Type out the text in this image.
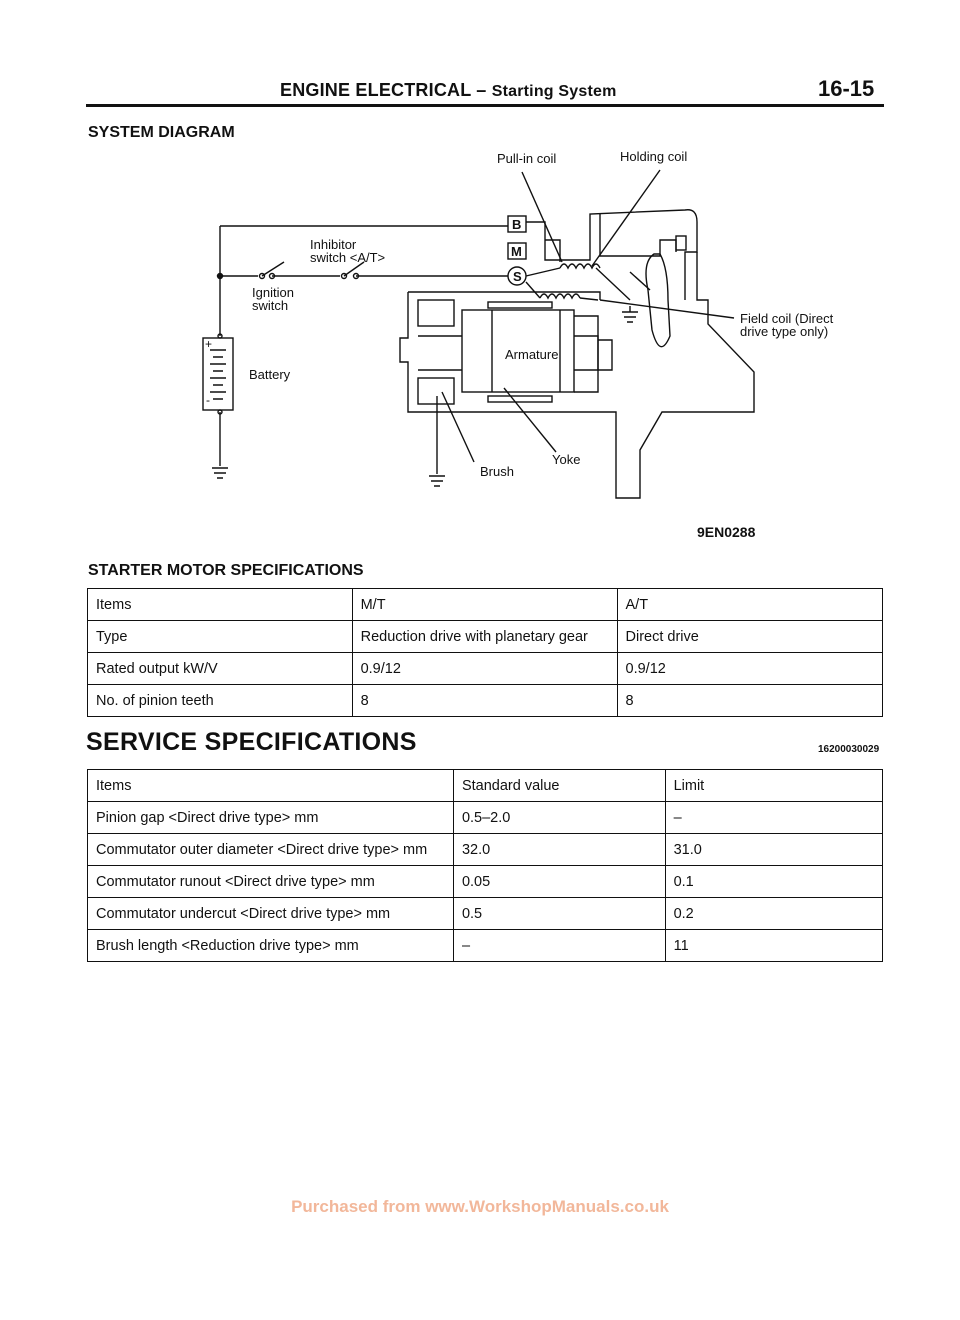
ENGINE ELECTRICAL – Starting System	16-15
SYSTEM DIAGRAM
B
M
S
+
-
Pull-in coil	Holding coil
Inhibitor
switch <A/T>
Ignition
switch
Battery
Armature
Field coil (Direct
drive type only)
Brush
Yoke
9EN0288
STARTER MOTOR SPECIFICATIONS
Items	M/T	A/T
Type	Reduction drive with planetary gear	Direct drive
Rated output kW/V	0.9/12	0.9/12
No. of pinion teeth	8	8
SERVICE SPECIFICATIONS	16200030029
Items	Standard value	Limit
Pinion gap <Direct drive type> mm	0.5–2.0	–
Commutator outer diameter <Direct drive type> mm	32.0	31.0
Commutator runout <Direct drive type> mm	0.05	0.1
Commutator undercut <Direct drive type> mm	0.5	0.2
Brush length <Reduction drive type> mm	–	11
Purchased from www.WorkshopManuals.co.uk
